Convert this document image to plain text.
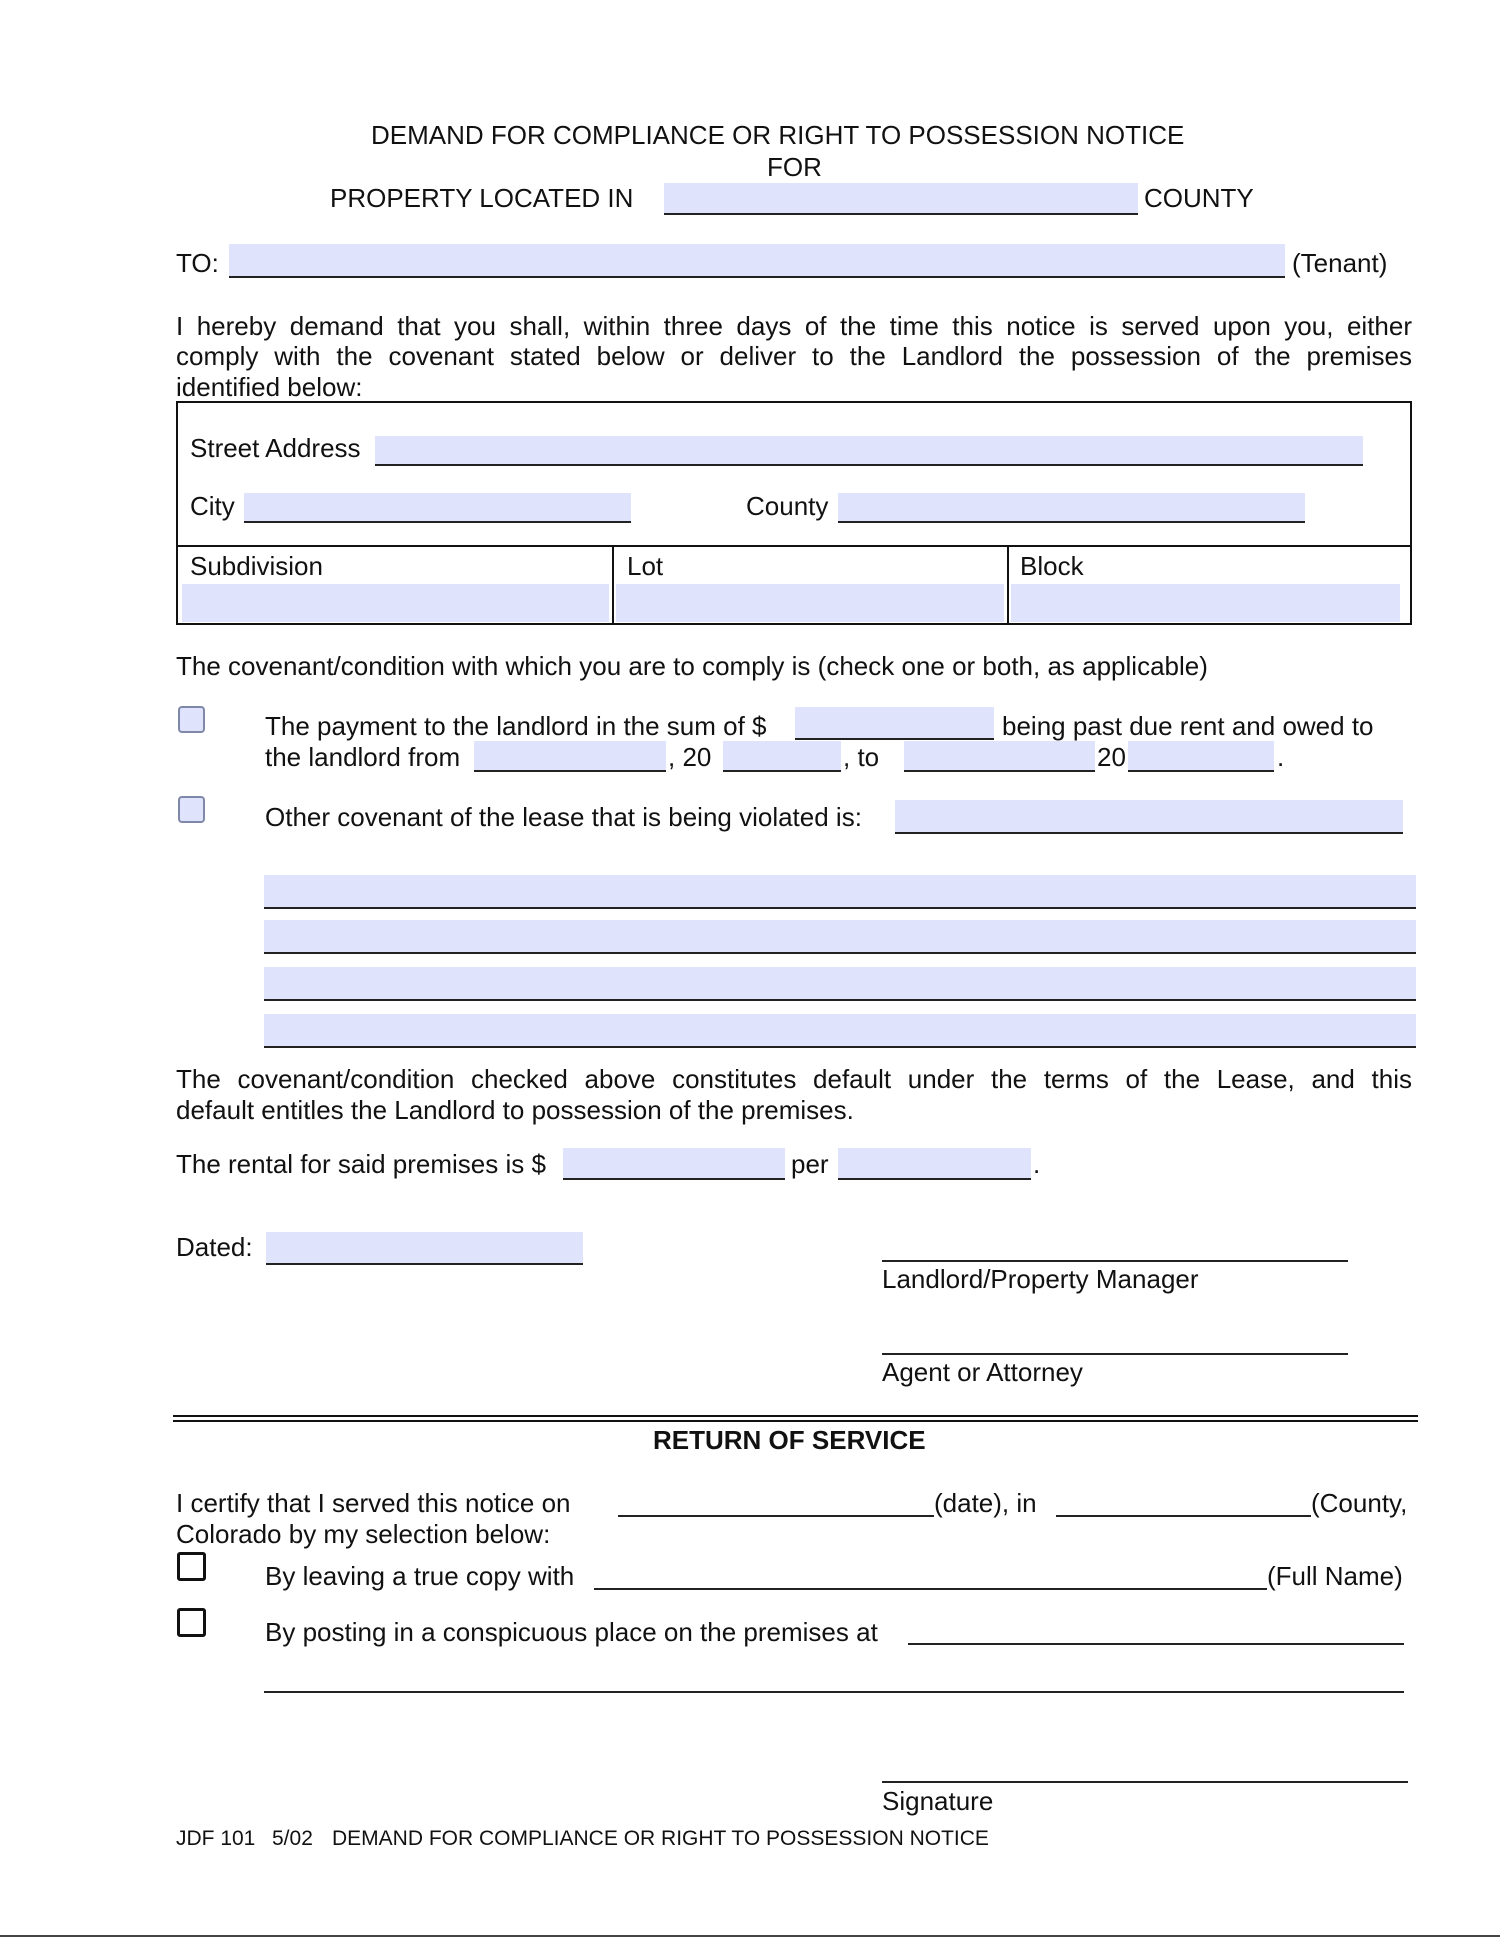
DEMAND FOR COMPLIANCE OR RIGHT TO POSSESSION NOTICE
FOR
PROPERTY LOCATED IN	COUNTY
TO:	(Tenant)
I hereby demand that you shall, within three days of the time this notice is served upon you, either
comply with the covenant stated below or deliver to the Landlord the possession of the premises
identified below:
Street Address
City	County
Subdivision	Lot	Block
The covenant/condition with which you are to comply is (check one or both, as applicable)
The payment to the landlord in the sum of $	being past due rent and owed to
the landlord from	, 20	, to	20	.
Other covenant of the lease that is being violated is:
The covenant/condition checked above constitutes default under the terms of the Lease, and this
default entitles the Landlord to possession of the premises.
The rental for said premises is $	per	.
Dated:
Landlord/Property Manager
Agent or Attorney
RETURN OF SERVICE
I certify that I served this notice on	(date), in	(County,
Colorado by my selection below:
By leaving a true copy with	(Full Name)
By posting in a conspicuous place on the premises at
Signature
JDF 101 5/02 DEMAND FOR COMPLIANCE OR RIGHT TO POSSESSION NOTICE
